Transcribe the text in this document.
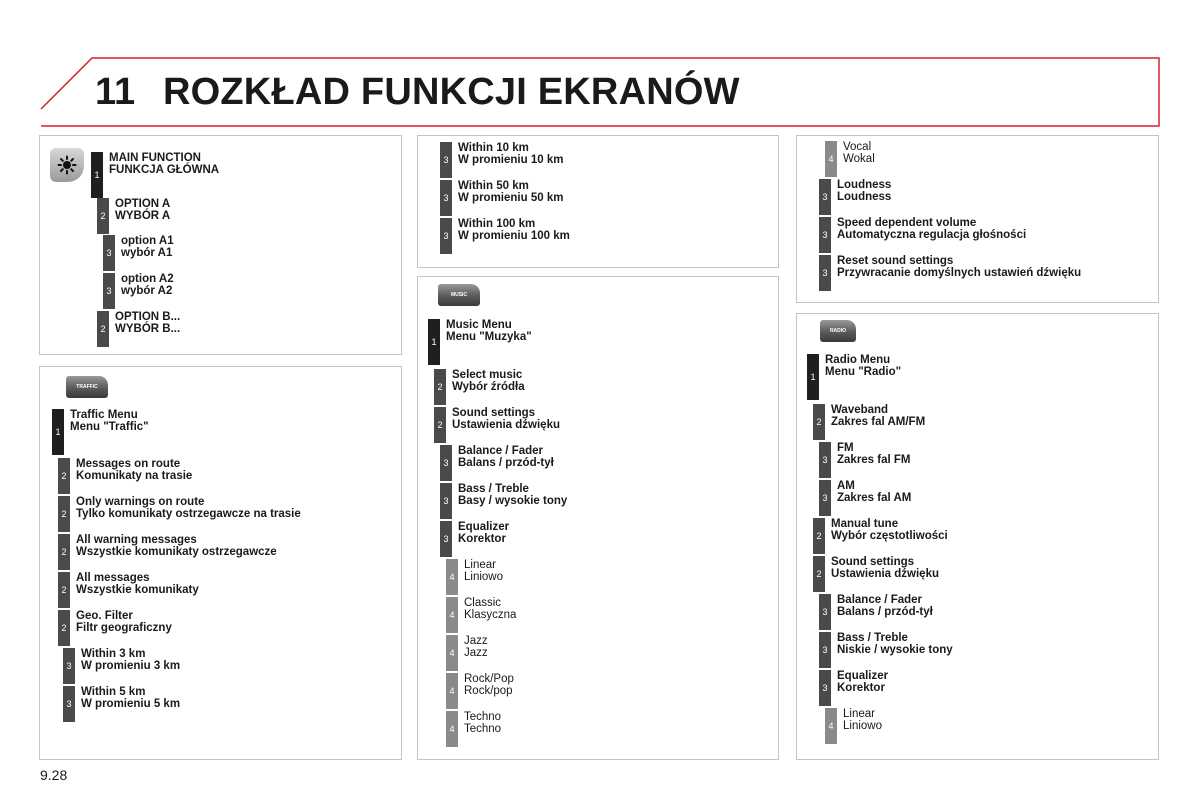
11 ROZKŁAD FUNKCJI EKRANÓW
TRAFFIC
MUSIC
RADIO
1
MAIN FUNCTION
FUNKCJA GŁÓWNA
2
OPTION A
WYBÓR A
3
option A1
wybór A1
3
option A2
wybór A2
2
OPTION B...
WYBÓR B...
1
Traffic Menu
Menu "Traffic"
2
Messages on route
Komunikaty na trasie
2
Only warnings on route
Tylko komunikaty ostrzegawcze na trasie
2
All warning messages
Wszystkie komunikaty ostrzegawcze
2
All messages
Wszystkie komunikaty
2
Geo. Filter
Filtr geograficzny
3
Within 3 km
W promieniu 3 km
3
Within 5 km
W promieniu 5 km
3
Within 10 km
W promieniu 10 km
3
Within 50 km
W promieniu 50 km
3
Within 100 km
W promieniu 100 km
1
Music Menu
Menu "Muzyka"
2
Select music
Wybór źródła
2
Sound settings
Ustawienia dźwięku
3
Balance / Fader
Balans / przód-tył
3
Bass / Treble
Basy / wysokie tony
3
Equalizer
Korektor
4
Linear
Liniowo
4
Classic
Klasyczna
4
Jazz
Jazz
4
Rock/Pop
Rock/pop
4
Techno
Techno
4
Vocal
Wokal
3
Loudness
Loudness
3
Speed dependent volume
Automatyczna regulacja głośności
3
Reset sound settings
Przywracanie domyślnych ustawień dźwięku
1
Radio Menu
Menu "Radio"
2
Waveband
Zakres fal AM/FM
3
FM
Zakres fal FM
3
AM
Zakres fal AM
2
Manual tune
Wybór częstotliwości
2
Sound settings
Ustawienia dźwięku
3
Balance / Fader
Balans / przód-tył
3
Bass / Treble
Niskie / wysokie tony
3
Equalizer
Korektor
4
Linear
Liniowo
9.28
